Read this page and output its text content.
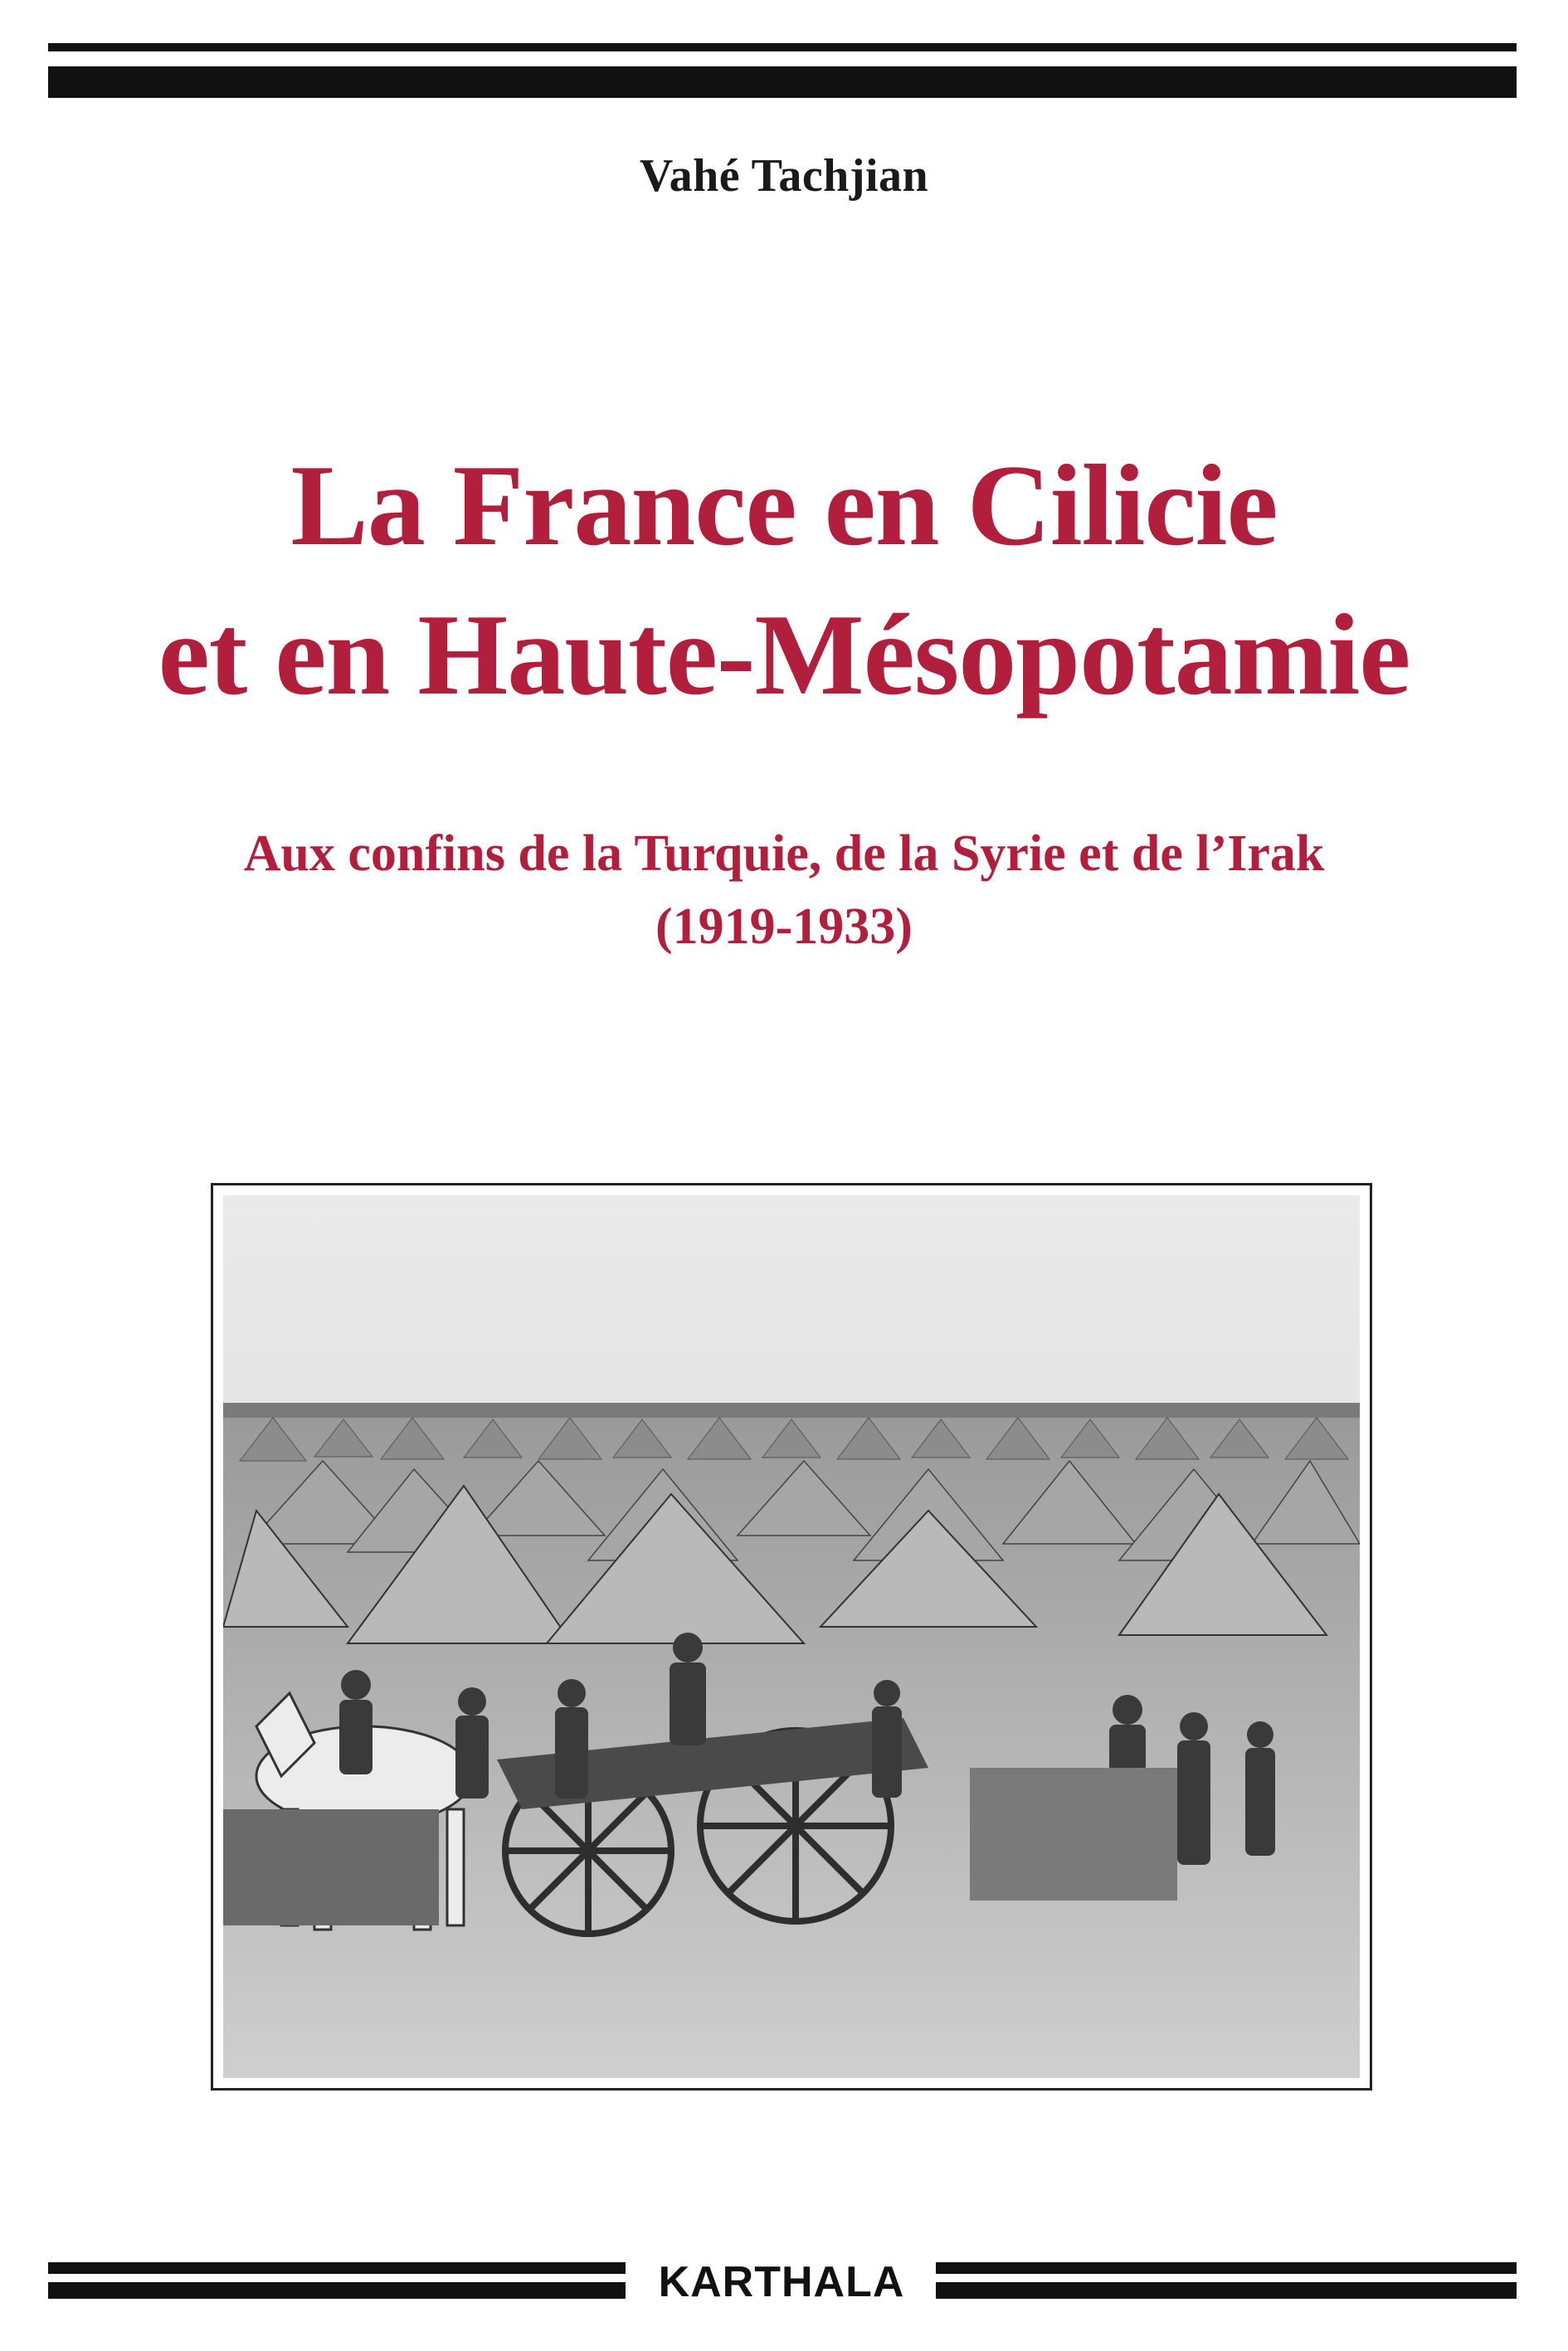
Vahé Tachjian
La France en Cilicie
et en Haute-Mésopotamie
Aux confins de la Turquie, de la Syrie et de l’Irak
(1919-1933)
KARTHALA
